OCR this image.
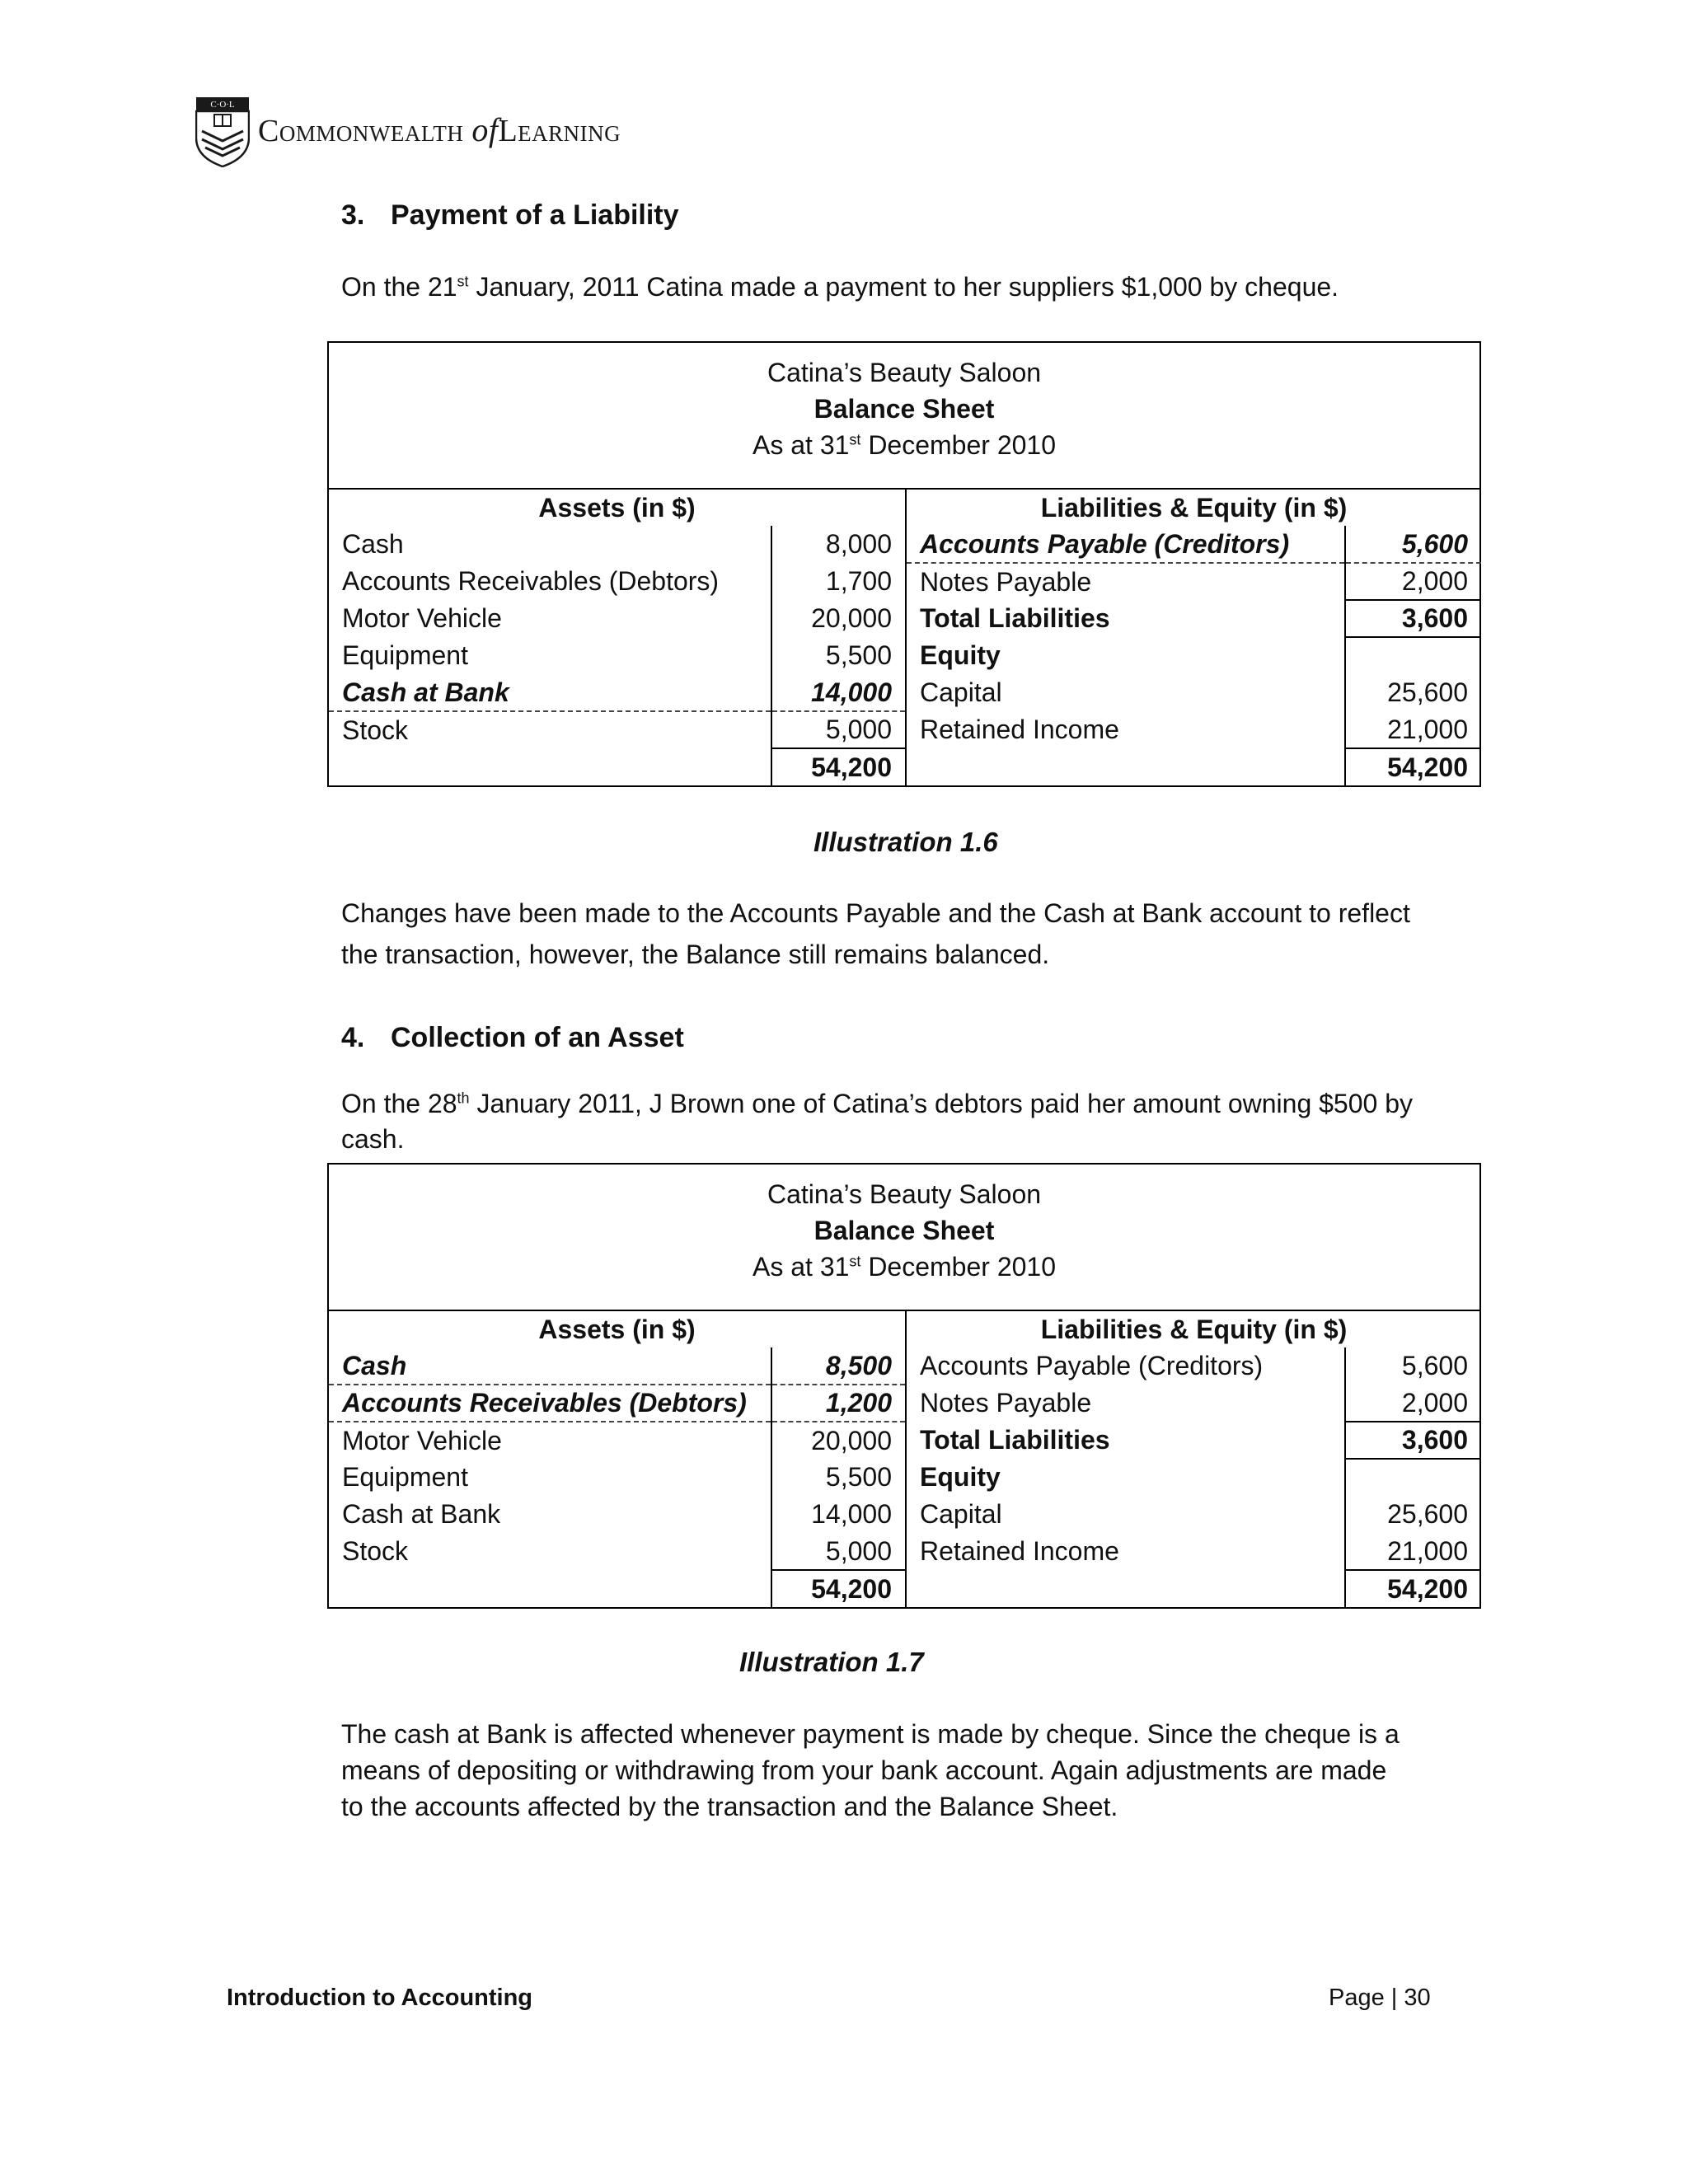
C·O·L
Commonwealth ofLearning
3. Payment of a Liability

On the 21st January, 2011 Catina made a payment to her suppliers $1,000 by cheque.

Catina’s Beauty Saloon
Balance Sheet
As at 31st December 2010
Assets (in $)		Liabilities & Equity (in $)	
Cash	8,000	Accounts Payable (Creditors)	5,600
Accounts Receivables (Debtors)	1,700	Notes Payable	2,000
Motor Vehicle	20,000	Total Liabilities	3,600
Equipment	5,500	Equity	
Cash at Bank	14,000	Capital	25,600
Stock	5,000	Retained Income	21,000
	54,200		54,200
Illustration 1.6

Changes have been made to the Accounts Payable and the Cash at Bank account to reflect
the transaction, however, the Balance still remains balanced.

4. Collection of an Asset

On the 28th January 2011, J Brown one of Catina’s debtors paid her amount owning $500 by
cash.

Catina’s Beauty Saloon
Balance Sheet
As at 31st December 2010
Assets (in $)		Liabilities & Equity (in $)	
Cash	8,500	Accounts Payable (Creditors)	5,600
Accounts Receivables (Debtors)	1,200	Notes Payable	2,000
Motor Vehicle	20,000	Total Liabilities	3,600
Equipment	5,500	Equity	
Cash at Bank	14,000	Capital	25,600
Stock	5,000	Retained Income	21,000
	54,200		54,200
Illustration 1.7

The cash at Bank is affected whenever payment is made by cheque. Since the cheque is a
means of depositing or withdrawing from your bank account. Again adjustments are made
to the accounts affected by the transaction and the Balance Sheet.

Introduction to Accounting	Page | 30
